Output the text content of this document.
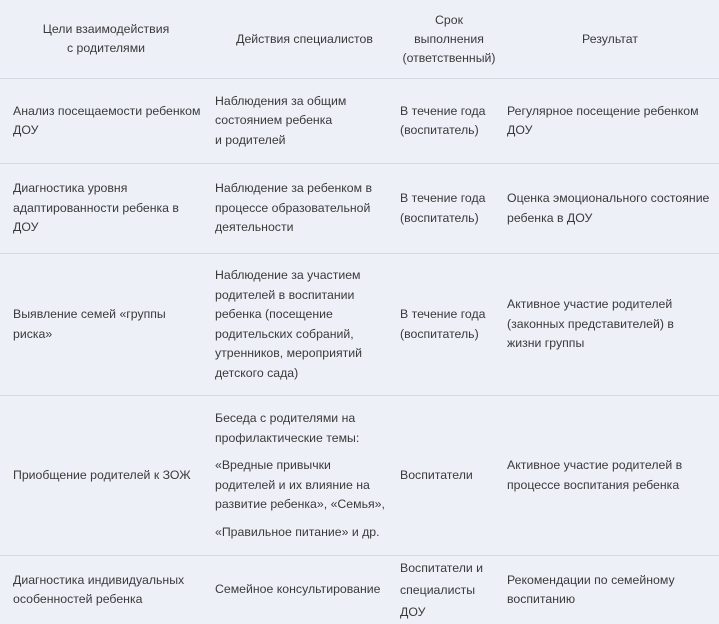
Цели взаимодействия
с родителями	Действия специалистов	Срок выполнения
(ответственный)	Результат
Анализ посещаемости ребенком ДОУ	Наблюдения за общим
состоянием ребенка
и родителей	В течение года
(воспитатель)	Регулярное посещение ребенком ДОУ
Диагностика уровня адаптированности ребенка в ДОУ	Наблюдение за ребенком в процессе образовательной деятельности	В течение года
(воспитатель)	Оценка эмоционального состояние ребенка в ДОУ
Выявление семей «группы риска»	Наблюдение за участием родителей в воспитании ребенка (посещение родительских собраний, утренников, мероприятий детского сада)	В течение года
(воспитатель)	Активное участие родителей (законных представителей) в жизни группы
Приобщение родителей к ЗОЖ	Беседа с родителями на профилактические темы:
«Вредные привычки родителей и их влияние на развитие ребенка», «Семья»,
«Правильное питание» и др.	Воспитатели	Активное участие родителей в процессе воспитания ребенка
Диагностика индивидуальных особенностей ребенка	Семейное консультирование	Воспитатели и
специалисты ДОУ	Рекомендации по семейному воспитанию
